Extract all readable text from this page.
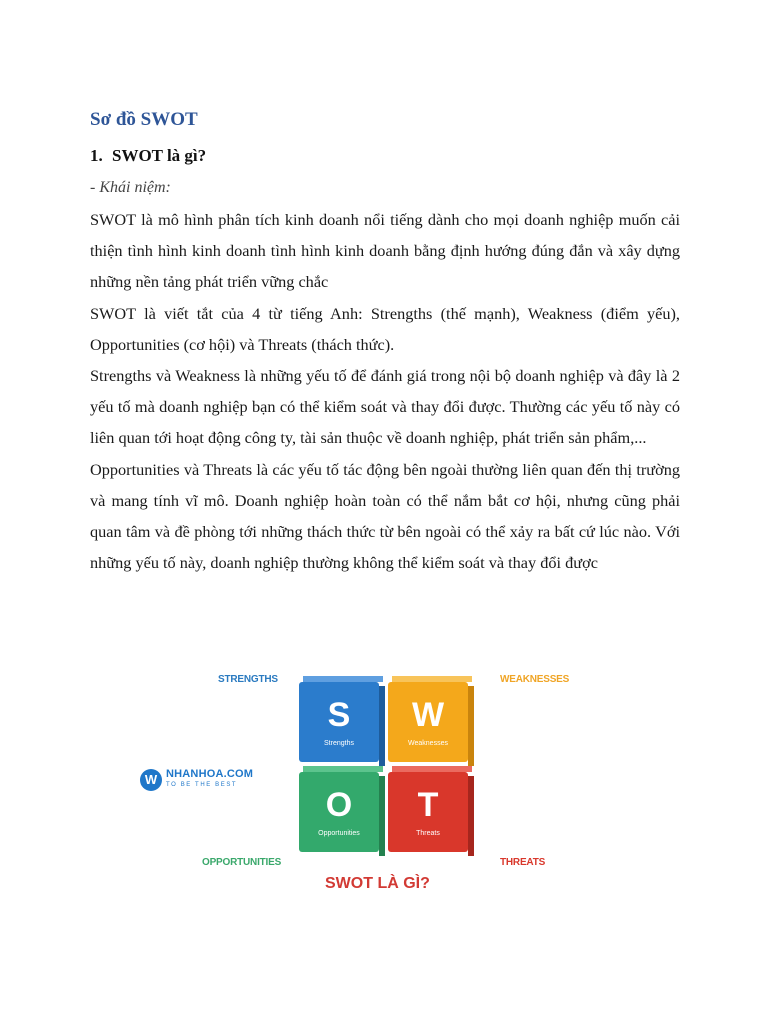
Sơ đồ SWOT
1. SWOT là gì?
- Khái niệm:

SWOT là mô hình phân tích kinh doanh nổi tiếng dành cho mọi doanh nghiệp muốn cải thiện tình hình kinh doanh tình hình kinh doanh bằng định hướng đúng đắn và xây dựng những nền tảng phát triển vững chắc

SWOT là viết tắt của 4 từ tiếng Anh: Strengths (thế mạnh), Weakness (điểm yếu), Opportunities (cơ hội) và Threats (thách thức).

Strengths và Weakness là những yếu tố để đánh giá trong nội bộ doanh nghiệp và đây là 2 yếu tố mà doanh nghiệp bạn có thể kiểm soát và thay đổi được. Thường các yếu tố này có liên quan tới hoạt động công ty, tài sản thuộc về doanh nghiệp, phát triển sản phẩm,...

Opportunities và Threats là các yếu tố tác động bên ngoài thường liên quan đến thị trường và mang tính vĩ mô. Doanh nghiệp hoàn toàn có thể nắm bắt cơ hội, nhưng cũng phải quan tâm và đề phòng tới những thách thức từ bên ngoài có thể xảy ra bất cứ lúc nào. Với những yếu tố này, doanh nghiệp thường không thể kiểm soát và thay đổi được

STRENGTHS	WEAKNESSES
OPPORTUNITIES	THREATS
W NHANHOA.COM
TO BE THE BEST
S
Strengths
W
Weaknesses
O
Opportunities
T
Threats
SWOT LÀ GÌ?
